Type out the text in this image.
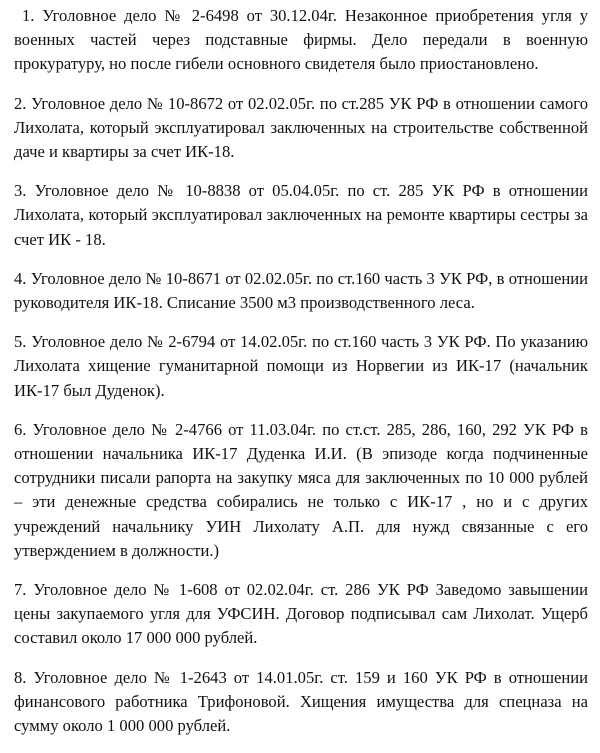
1. Уголовное дело № 2-6498 от 30.12.04г. Незаконное приобретения угля у военных частей через подставные фирмы. Дело передали в военную прокуратуру, но после гибели основного свидетеля было приостановлено.

2. Уголовное дело № 10-8672 от 02.02.05г. по ст.285 УК РФ в отношении самого Лихолата, который эксплуатировал заключенных на строительстве собственной даче и квартиры за счет ИК-18.

3. Уголовное дело № 10-8838 от 05.04.05г. по ст. 285 УК РФ в отношении Лихолата, который эксплуатировал заключенных на ремонте квартиры сестры за счет ИК - 18.

4. Уголовное дело № 10-8671 от 02.02.05г. по ст.160 часть 3 УК РФ, в отношении руководителя ИК-18. Списание 3500 м3 производственного леса.

5. Уголовное дело № 2-6794 от 14.02.05г. по ст.160 часть 3 УК РФ. По указанию Лихолата хищение гуманитарной помощи из Норвегии из ИК-17 (начальник ИК-17 был Дуденок).

6. Уголовное дело № 2-4766 от 11.03.04г. по ст.ст. 285, 286, 160, 292 УК РФ в отношении начальника ИК-17 Дуденка И.И. (В эпизоде когда подчиненные сотрудники писали рапорта на закупку мяса для заключенных по 10 000 рублей – эти денежные средства собирались не только с ИК-17 , но и с других учреждений начальнику УИН Лихолату А.П. для нужд связанные с его утверждением в должности.)

7. Уголовное дело № 1-608 от 02.02.04г. ст. 286 УК РФ Заведомо завышении цены закупаемого угля для УФСИН. Договор подписывал сам Лихолат. Ущерб составил около 17 000 000 рублей.

8. Уголовное дело № 1-2643 от 14.01.05г. ст. 159 и 160 УК РФ в отношении финансового работника Трифоновой. Хищения имущества для спецназа на сумму около 1 000 000 рублей.
